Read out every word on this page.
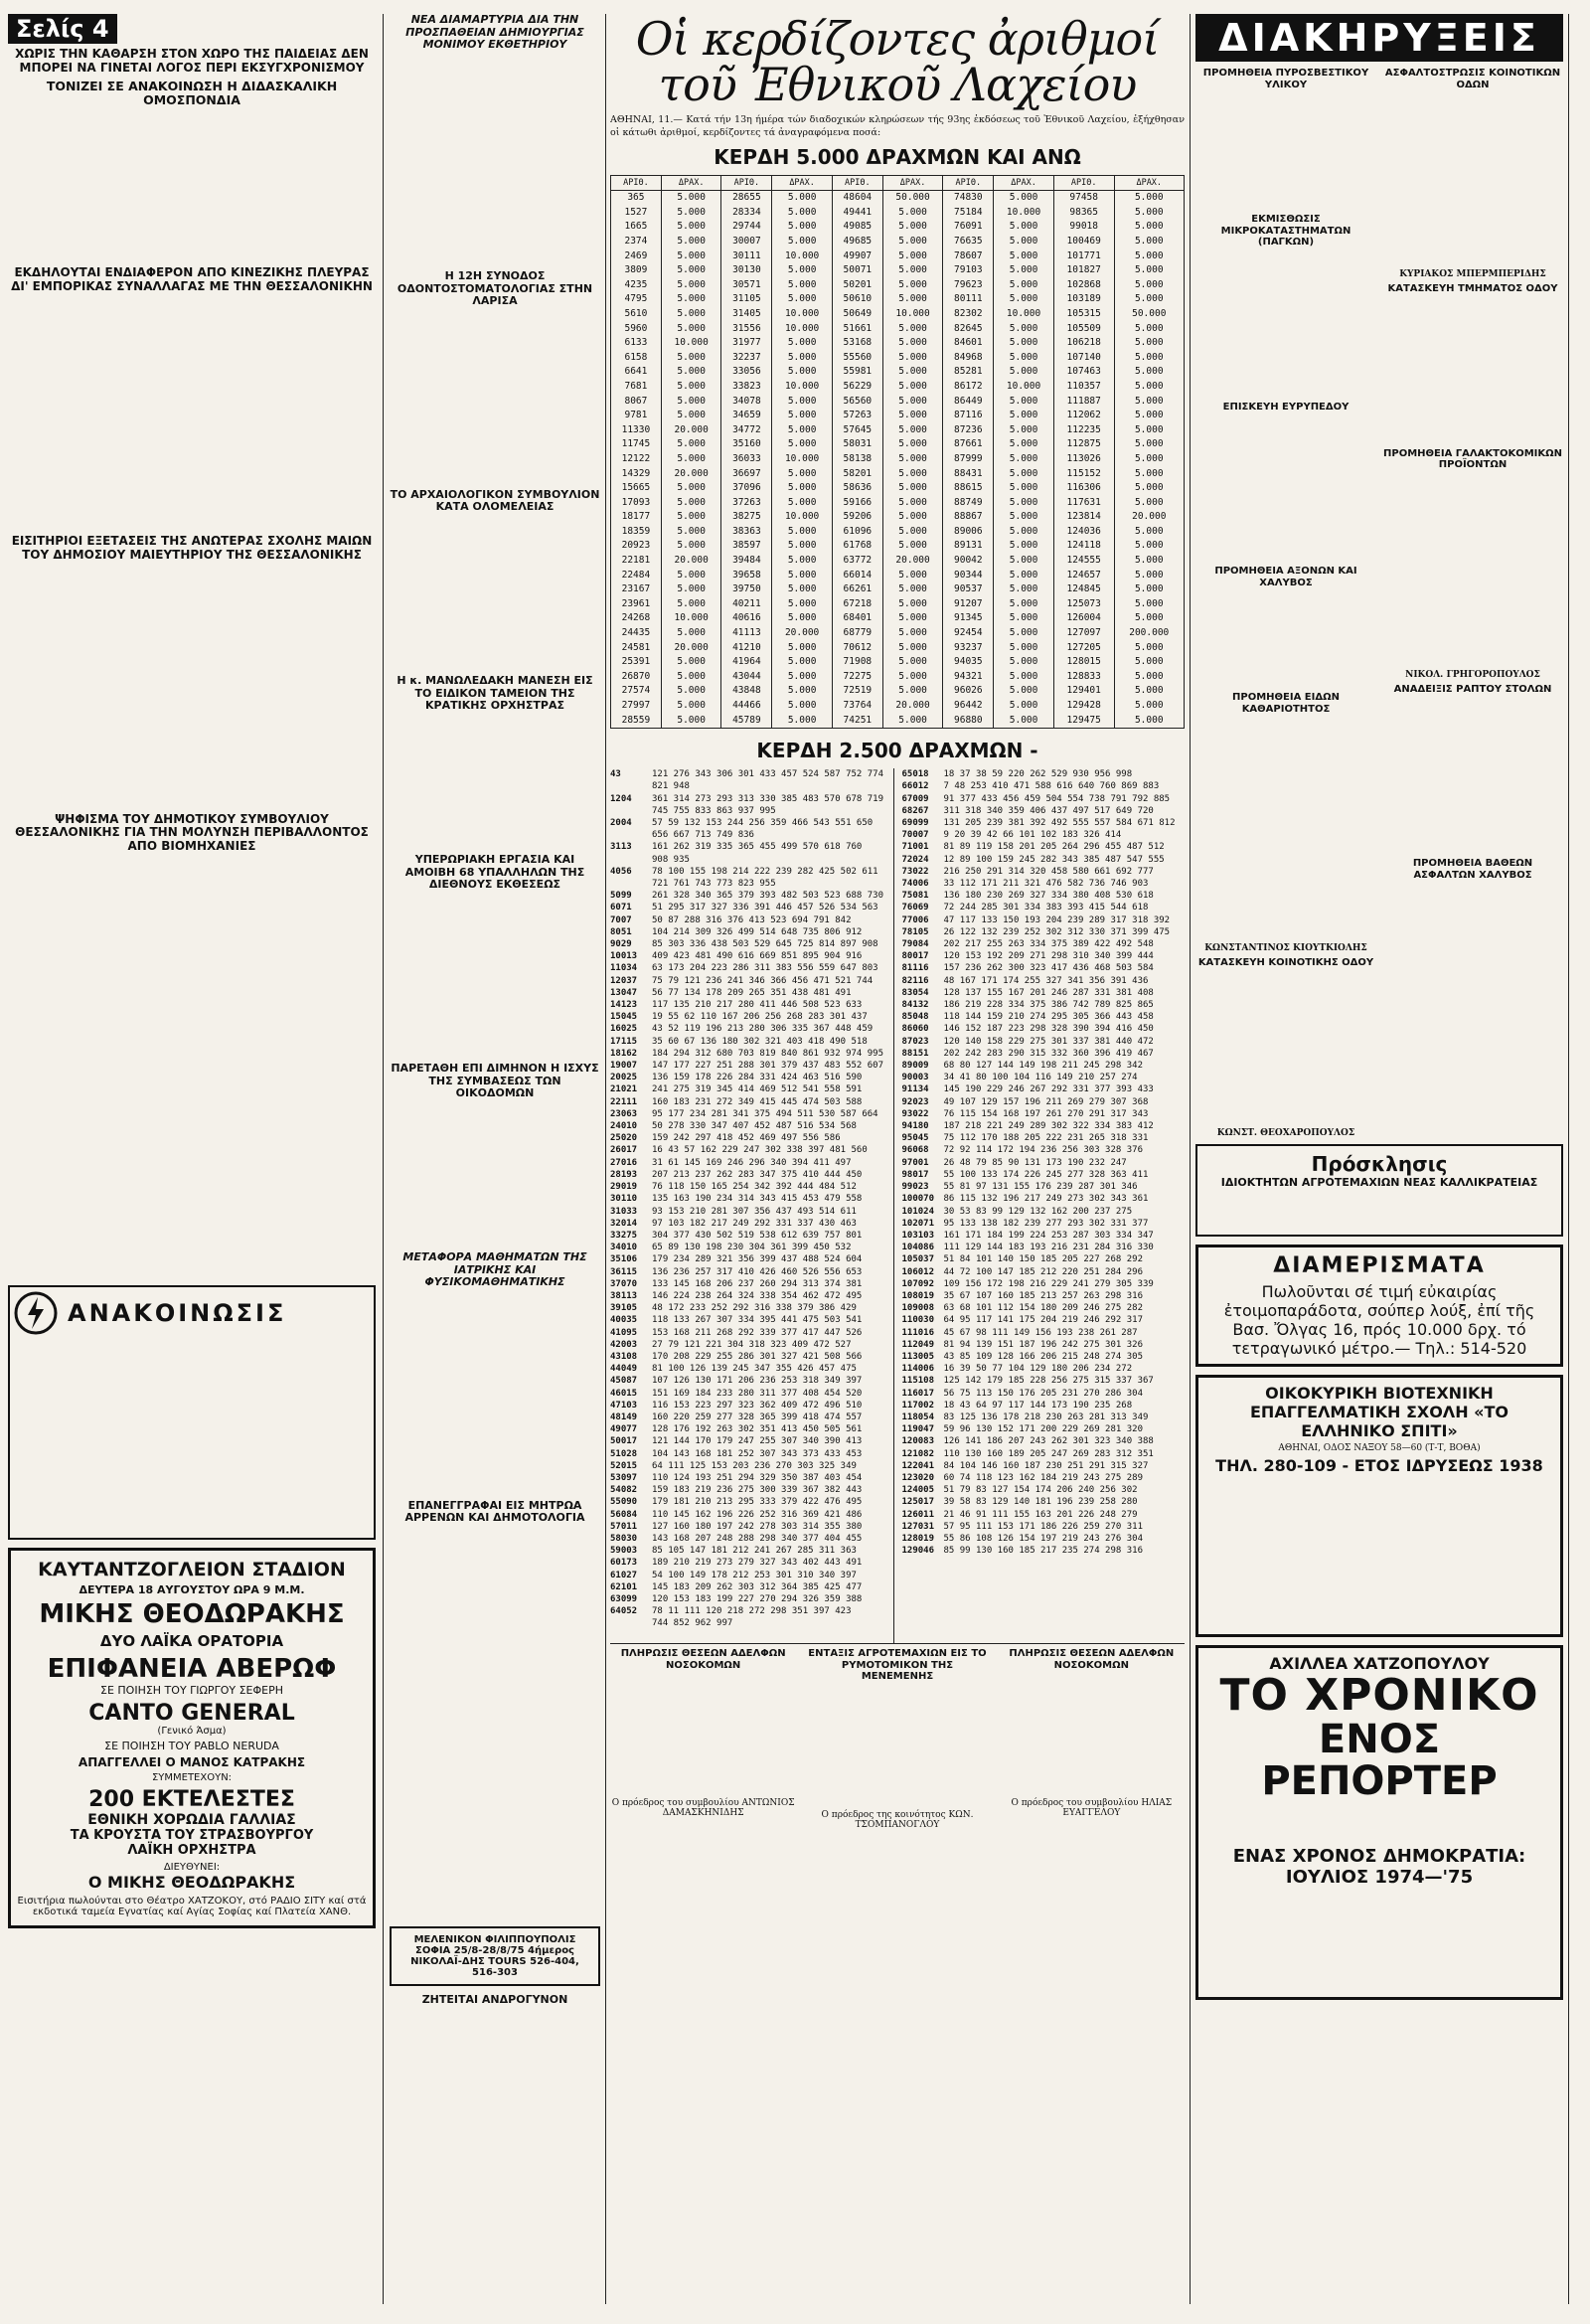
Σελίς 4
ΧΩΡΙΣ ΤΗΝ ΚΑΘΑΡΣΗ ΣΤΟΝ ΧΩΡΟ ΤΗΣ ΠΑΙΔΕΙΑΣ ΔΕΝ ΜΠΟΡΕΙ ΝΑ ΓΙΝΕΤΑΙ ΛΟΓΟΣ ΠΕΡΙ ΕΚΣΥΓΧΡΟΝΙΣΜΟΥ
ΤΟΝΙΖΕΙ ΣΕ ΑΝΑΚΟΙΝΩΣΗ Η ΔΙΔΑΣΚΑΛΙΚΗ ΟΜΟΣΠΟΝΔΙΑ
ΕΚΔΗΛΟΥΤΑΙ ΕΝΔΙΑΦΕΡΟΝ ΑΠΟ ΚΙΝΕΖΙΚΗΣ ΠΛΕΥΡΑΣ ΔΙ' ΕΜΠΟΡΙΚΑΣ ΣΥΝΑΛΛΑΓΑΣ ΜΕ ΤΗΝ ΘΕΣΣΑΛΟΝΙΚΗΝ
ΕΙΣΙΤΗΡΙΟΙ ΕΞΕΤΑΣΕΙΣ ΤΗΣ ΑΝΩΤΕΡΑΣ ΣΧΟΛΗΣ ΜΑΙΩΝ ΤΟΥ ΔΗΜΟΣΙΟΥ ΜΑΙΕΥΤΗΡΙΟΥ ΤΗΣ ΘΕΣΣΑΛΟΝΙΚΗΣ
ΨΗΦΙΣΜΑ ΤΟΥ ΔΗΜΟΤΙΚΟΥ ΣΥΜΒΟΥΛΙΟΥ ΘΕΣΣΑΛΟΝΙΚΗΣ ΓΙΑ ΤΗΝ ΜΟΛΥΝΣΗ ΠΕΡΙΒΑΛΛΟΝΤΟΣ ΑΠΟ ΒΙΟΜΗΧΑΝΙΕΣ
ΑΝΑΚΟΙΝΩΣΙΣ
ΚΑΥΤΑΝΤΖΟΓΛΕΙΟΝ ΣΤΑΔΙΟΝ
ΔΕΥΤΕΡΑ 18 ΑΥΓΟΥΣΤΟΥ ΩΡΑ 9 Μ.Μ.
ΜΙΚΗΣ ΘΕΟΔΩΡΑΚΗΣ
ΔΥΟ ΛΑΪΚΑ ΟΡΑΤΟΡΙΑ
ΕΠΙΦΑΝΕΙΑ ΑΒΕΡΩΦ
ΣΕ ΠΟΙΗΣΗ ΤΟΥ ΓΙΩΡΓΟΥ ΣΕΦΕΡΗ
CANTO GENERAL
(Γενικό Άσμα)
ΣΕ ΠΟΙΗΣΗ ΤΟΥ PABLO NERUDA
ΑΠΑΓΓΕΛΛΕΙ Ο ΜΑΝΟΣ ΚΑΤΡΑΚΗΣ
ΣΥΜΜΕΤΕΧΟΥΝ:
200 ΕΚΤΕΛΕΣΤΕΣ
ΕΘΝΙΚΗ ΧΟΡΩΔΙΑ ΓΑΛΛΙΑΣ
ΤΑ ΚΡΟΥΣΤΑ ΤΟΥ ΣΤΡΑΣΒΟΥΡΓΟΥ
ΛΑΪΚΗ ΟΡΧΗΣΤΡΑ
ΔΙΕΥΘΥΝΕΙ:
Ο ΜΙΚΗΣ ΘΕΟΔΩΡΑΚΗΣ
Εισιτήρια πωλούνται στο Θέατρο ΧΑΤΖΟΚΟΥ, στό ΡΑΔΙΟ ΣΙΤΥ καί στά εκδοτικά ταμεία Εγνατίας καί Αγίας Σοφίας καί Πλατεία ΧΑΝΘ.
ΝΕΑ ΔΙΑΜΑΡΤΥΡΙΑ ΔΙΑ ΤΗΝ ΠΡΟΣΠΑΘΕΙΑΝ ΔΗΜΙΟΥΡΓΙΑΣ ΜΟΝΙΜΟΥ ΕΚΘΕΤΗΡΙΟΥ
Η 12Η ΣΥΝΟΔΟΣ ΟΔΟΝΤΟΣΤΟΜΑΤΟΛΟΓΙΑΣ ΣΤΗΝ ΛΑΡΙΣΑ
ΤΟ ΑΡΧΑΙΟΛΟΓΙΚΟΝ ΣΥΜΒΟΥΛΙΟΝ ΚΑΤΑ ΟΛΟΜΕΛΕΙΑΣ
Η κ. ΜΑΝΩΛΕΔΑΚΗ ΜΑΝΕΣΗ ΕΙΣ ΤΟ ΕΙΔΙΚΟΝ ΤΑΜΕΙΟΝ ΤΗΣ ΚΡΑΤΙΚΗΣ ΟΡΧΗΣΤΡΑΣ
ΥΠΕΡΩΡΙΑΚΗ ΕΡΓΑΣΙΑ ΚΑΙ ΑΜΟΙΒΗ 68 ΥΠΑΛΛΗΛΩΝ ΤΗΣ ΔΙΕΘΝΟΥΣ ΕΚΘΕΣΕΩΣ
ΠΑΡΕΤΑΘΗ ΕΠΙ ΔΙΜΗΝΟΝ Η ΙΣΧΥΣ ΤΗΣ ΣΥΜΒΑΣΕΩΣ ΤΩΝ ΟΙΚΟΔΟΜΩΝ
ΜΕΤΑΦΟΡΑ ΜΑΘΗΜΑΤΩΝ ΤΗΣ ΙΑΤΡΙΚΗΣ ΚΑΙ ΦΥΣΙΚΟΜΑΘΗΜΑΤΙΚΗΣ
ΕΠΑΝΕΓΓΡΑΦΑΙ ΕΙΣ ΜΗΤΡΩΑ ΑΡΡΕΝΩΝ ΚΑΙ ΔΗΜΟΤΟΛΟΓΙΑ
ΜΕΛΕΝΙΚΟΝ ΦΙΛΙΠΠΟΥΠΟΛΙΣ ΣΟΦΙΑ 25/8-28/8/75 4ήμερος ΝΙΚΟΛΑΪ-ΔΗΣ TOURS 526-404, 516-303
ΖΗΤΕΙΤΑΙ ΑΝΔΡΟΓΥΝΟΝ
Οἱ κερδίζοντες ἀριθμοί τοῦ Ἐθνικοῦ Λαχείου

ΑΘΗΝΑΙ, 11.— Κατά τήν 13η ήμέρα τών διαδοχικών κληρώσεων τής 93ης ἐκδόσεως τοῦ Ἐθνικοῦ Λαχείου, ἐξήχθησαν οἱ κάτωθι ἀριθμοί, κερδίζοντες τά ἀναγραφόμενα ποσά:

ΚΕΡΔΗ 5.000 ΔΡΑΧΜΩΝ ΚΑΙ ΑΝΩ
ΑΡΙΘ.	ΔΡΑΧ.	ΑΡΙΘ.	ΔΡΑΧ.	ΑΡΙΘ.	ΔΡΑΧ.	ΑΡΙΘ.	ΔΡΑΧ.	ΑΡΙΘ.	ΔΡΑΧ.
365	5.000	28655	5.000	48604	50.000	74830	5.000	97458	5.000
1527	5.000	28334	5.000	49441	5.000	75184	10.000	98365	5.000
1665	5.000	29744	5.000	49085	5.000	76091	5.000	99018	5.000
2374	5.000	30007	5.000	49685	5.000	76635	5.000	100469	5.000
2469	5.000	30111	10.000	49907	5.000	78607	5.000	101771	5.000
3809	5.000	30130	5.000	50071	5.000	79103	5.000	101827	5.000
4235	5.000	30571	5.000	50201	5.000	79623	5.000	102868	5.000
4795	5.000	31105	5.000	50610	5.000	80111	5.000	103189	5.000
5610	5.000	31405	10.000	50649	10.000	82302	10.000	105315	50.000
5960	5.000	31556	10.000	51661	5.000	82645	5.000	105509	5.000
6133	10.000	31977	5.000	53168	5.000	84601	5.000	106218	5.000
6158	5.000	32237	5.000	55560	5.000	84968	5.000	107140	5.000
6641	5.000	33056	5.000	55981	5.000	85281	5.000	107463	5.000
7681	5.000	33823	10.000	56229	5.000	86172	10.000	110357	5.000
8067	5.000	34078	5.000	56560	5.000	86449	5.000	111887	5.000
9781	5.000	34659	5.000	57263	5.000	87116	5.000	112062	5.000
11330	20.000	34772	5.000	57645	5.000	87236	5.000	112235	5.000
11745	5.000	35160	5.000	58031	5.000	87661	5.000	112875	5.000
12122	5.000	36033	10.000	58138	5.000	87999	5.000	113026	5.000
14329	20.000	36697	5.000	58201	5.000	88431	5.000	115152	5.000
15665	5.000	37096	5.000	58636	5.000	88615	5.000	116306	5.000
17093	5.000	37263	5.000	59166	5.000	88749	5.000	117631	5.000
18177	5.000	38275	10.000	59206	5.000	88867	5.000	123814	20.000
18359	5.000	38363	5.000	61096	5.000	89006	5.000	124036	5.000
20923	5.000	38597	5.000	61768	5.000	89131	5.000	124118	5.000
22181	20.000	39484	5.000	63772	20.000	90042	5.000	124555	5.000
22484	5.000	39658	5.000	66014	5.000	90344	5.000	124657	5.000
23167	5.000	39750	5.000	66261	5.000	90537	5.000	124845	5.000
23961	5.000	40211	5.000	67218	5.000	91207	5.000	125073	5.000
24268	10.000	40616	5.000	68401	5.000	91345	5.000	126004	5.000
24435	5.000	41113	20.000	68779	5.000	92454	5.000	127097	200.000
24581	20.000	41210	5.000	70612	5.000	93237	5.000	127205	5.000
25391	5.000	41964	5.000	71908	5.000	94035	5.000	128015	5.000
26870	5.000	43044	5.000	72275	5.000	94321	5.000	128833	5.000
27574	5.000	43848	5.000	72519	5.000	96026	5.000	129401	5.000
27997	5.000	44466	5.000	73764	20.000	96442	5.000	129428	5.000
28559	5.000	45789	5.000	74251	5.000	96880	5.000	129475	5.000
ΚΕΡΔΗ 2.500 ΔΡΑΧΜΩΝ -
43	121 276 343 306 301 433 457 524 587 752 774
821 948
1204 361 314 273 293 313 330 385 483 570 678 719
745 755 833 863 937 995
2004 57 59 132 153 244 256 359 466 543 551 650
656 667 713 749 836
3113 161 262 319 335 365 455 499 570 618 760
908 935
4056 78 100 155 198 214 222 239 282 425 502 611
721 761 743 773 823 955
5099 261 328 340 365 379 393 482 503 523 688 730
6071 51 295 317 327 336 391 446 457 526 534 563
7007 50 87 288 316 376 413 523 694 791 842
8051 104 214 309 326 499 514 648 735 806 912
9029 85 303 336 438 503 529 645 725 814 897 908
10013 409 423 481 490 616 669 851 895 904 916
11034 63 173 204 223 286 311 383 556 559 647 803
12037 75 79 121 236 241 346 366 456 471 521 744
13047 56 77 134 178 209 265 351 438 481 491
14123 117 135 210 217 280 411 446 508 523 633
15045 19 55 62 110 167 206 256 268 283 301 437
16025 43 52 119 196 213 280 306 335 367 448 459
17115 35 60 67 136 180 302 321 403 418 490 518
18162 184 294 312 680 703 819 840 861 932 974 995
19007 147 177 227 251 288 301 379 437 483 552 607
20025 136 159 178 226 284 331 424 463 516 590
21021 241 275 319 345 414 469 512 541 558 591
22111 160 183 231 272 349 415 445 474 503 588
23063 95 177 234 281 341 375 494 511 530 587 664
24010 50 278 330 347 407 452 487 516 534 568
25020 159 242 297 418 452 469 497 556 586
26017 16 43 57 162 229 247 302 338 397 481 560
27016 31 61 145 169 246 296 340 394 411 497
28193 207 213 237 262 283 347 375 410 444 450
29019 76 118 150 165 254 342 392 444 484 512
30110 135 163 190 234 314 343 415 453 479 558
31033 93 153 210 281 307 356 437 493 514 611
32014 97 103 182 217 249 292 331 337 430 463
33275 304 377 430 502 519 538 612 639 757 801
34010 65 89 130 198 230 304 361 399 450 532
35106 179 234 289 321 356 399 437 488 524 604
36115 136 236 257 317 410 426 460 526 556 653
37070 133 145 168 206 237 260 294 313 374 381
38113 146 224 238 264 324 338 354 462 472 495
39105 48 172 233 252 292 316 338 379 386 429
40035 118 133 267 307 334 395 441 475 503 541
41095 153 168 211 268 292 339 377 417 447 526
42003 27 79 121 221 304 318 323 409 472 527
43108 170 208 229 255 286 301 327 421 508 566
44049 81 100 126 139 245 347 355 426 457 475
45087 107 126 130 171 206 236 253 318 349 397
46015 151 169 184 233 280 311 377 408 454 520
47103 116 153 223 297 323 362 409 472 496 510
48149 160 220 259 277 328 365 399 418 474 557
49077 128 176 192 263 302 351 413 450 505 561
50017 121 144 170 179 247 255 307 340 390 413
51028 104 143 168 181 252 307 343 373 433 453
52015 64 111 125 153 203 236 270 303 325 349
53097 110 124 193 251 294 329 350 387 403 454
54082 159 183 219 236 275 300 339 367 382 443
55090 179 181 210 213 295 333 379 422 476 495
56084 110 145 162 196 226 252 316 369 421 486
57011 127 160 180 197 242 278 303 314 355 380
58030 143 168 207 248 288 298 340 377 404 455
59003 85 105 147 181 212 241 267 285 311 363
60173 189 210 219 273 279 327 343 402 443 491
61027 54 100 149 178 212 253 301 310 340 397
62101 145 183 209 262 303 312 364 385 425 477
63099 120 153 183 199 227 270 294 326 359 388
64052 78 11 111 120 218 272 298 351 397 423
744 852 962 997
65018 18 37 38 59 220 262 529 930 956 998
66012 7 48 253 410 471 588 616 640 760 869 883
67009 91 377 433 456 459 504 554 738 791 792 885
68267 311 318 340 359 406 437 497 517 649 720
69099 131 205 239 381 392 492 555 557 584 671 812
70007 9 20 39 42 66 101 102 183 326 414
71001 81 89 119 158 201 205 264 296 455 487 512
72024 12 89 100 159 245 282 343 385 487 547 555
73022 216 250 291 314 320 458 580 661 692 777
74006 33 112 171 211 321 476 582 736 746 903
75081 136 180 230 269 327 334 380 408 530 618
76069 72 244 285 301 334 383 393 415 544 618
77006 47 117 133 150 193 204 239 289 317 318 392
78105 26 122 132 239 252 302 312 330 371 399 475
79084 202 217 255 263 334 375 389 422 492 548
80017 120 153 192 209 271 298 310 340 399 444
81116 157 236 262 300 323 417 436 468 503 584
82116 48 167 171 174 255 327 341 356 391 436
83054 128 137 155 167 201 246 287 331 381 408
84132 186 219 228 334 375 386 742 789 825 865
85048 118 144 159 210 274 295 305 366 443 458
86060 146 152 187 223 298 328 390 394 416 450
87023 120 140 158 229 275 301 337 381 440 472
88151 202 242 283 290 315 332 360 396 419 467
89009 68 80 127 144 149 198 211 245 298 342
90003 34 41 80 100 104 116 149 210 257 274
91134 145 190 229 246 267 292 331 377 393 433
92023 49 107 129 157 196 211 269 279 307 368
93022 76 115 154 168 197 261 270 291 317 343
94180 187 218 221 249 289 302 322 334 383 412
95045 75 112 170 188 205 222 231 265 318 331
96068 72 92 114 172 194 236 256 303 328 376
97001 26 48 79 85 90 131 173 190 232 247
98017 55 100 133 174 226 245 277 328 363 411
99023 55 81 97 131 155 176 239 287 301 346
100070 86 115 132 196 217 249 273 302 343 361
101024 30 53 83 99 129 132 162 200 237 275
102071 95 133 138 182 239 277 293 302 331 377
103103 161 171 184 199 224 253 287 303 334 347
104086 111 129 144 183 193 216 231 284 316 330
105037 51 84 101 140 150 185 205 227 268 292
106012 44 72 100 147 185 212 220 251 284 296
107092 109 156 172 198 216 229 241 279 305 339
108019 35 67 107 160 185 213 257 263 298 316
109008 63 68 101 112 154 180 209 246 275 282
110030 64 95 117 141 175 204 219 246 292 317
111016 45 67 98 111 149 156 193 238 261 287
112049 81 94 139 151 187 196 242 275 301 326
113005 43 85 109 128 166 206 215 248 274 305
114006 16 39 50 77 104 129 180 206 234 272
115108 125 142 179 185 228 256 275 315 337 367
116017 56 75 113 150 176 205 231 270 286 304
117002 18 43 64 97 117 144 173 190 235 268
118054 83 125 136 178 218 230 263 281 313 349
119047 59 96 130 152 171 200 229 269 281 320
120083 126 141 186 207 243 262 301 323 340 388
121082 110 130 160 189 205 247 269 283 312 351
122041 84 104 146 160 187 230 251 291 315 327
123020 60 74 118 123 162 184 219 243 275 289
124005 51 79 83 127 154 174 206 240 256 302
125017 39 58 83 129 140 181 196 239 258 280
126011 21 46 91 111 155 163 201 226 248 279
127031 57 95 111 153 171 186 226 259 270 311
128019 55 86 108 126 154 197 219 243 276 304
129046 85 99 130 160 185 217 235 274 298 316
ΠΛΗΡΩΣΙΣ ΘΕΣΕΩΝ ΑΔΕΛΦΩΝ ΝΟΣΟΚΟΜΩΝ
Ο πρόεδρος του συμβουλίου ΑΝΤΩΝΙΟΣ ΔΑΜΑΣΚΗΝΙΔΗΣ
ΕΝΤΑΞΙΣ ΑΓΡΟΤΕΜΑΧΙΩΝ ΕΙΣ ΤΟ ΡΥΜΟΤΟΜΙΚΟΝ ΤΗΣ ΜΕΝΕΜΕΝΗΣ
Ο πρόεδρος της κοινότητος ΚΩΝ. ΤΣΟΜΠΑΝΟΓΛΟΥ
ΠΛΗΡΩΣΙΣ ΘΕΣΕΩΝ ΑΔΕΛΦΩΝ ΝΟΣΟΚΟΜΩΝ
Ο πρόεδρος του συμβουλίου ΗΛΙΑΣ ΕΥΑΓΓΕΛΟΥ
ΔΙΑΚΗΡΥΞΕΙΣ
ΠΡΟΜΗΘΕΙΑ ΠΥΡΟΣΒΕΣΤΙΚΟΥ ΥΛΙΚΟΥ
ΕΚΜΙΣΘΩΣΙΣ ΜΙΚΡΟΚΑΤΑΣΤΗΜΑΤΩΝ (ΠΑΓΚΩΝ)
ΕΠΙΣΚΕΥΗ ΕΥΡΥΠΕΔΟΥ
ΠΡΟΜΗΘΕΙΑ ΑΞΟΝΩΝ ΚΑΙ ΧΑΛΥΒΟΣ
ΠΡΟΜΗΘΕΙΑ ΕΙΔΩΝ ΚΑΘΑΡΙΟΤΗΤΟΣ
ΚΩΝΣΤΑΝΤΙΝΟΣ ΚΙΟΥΤΚΙΟΛΗΣ
ΚΑΤΑΣΚΕΥΗ ΚΟΙΝΟΤΙΚΗΣ ΟΔΟΥ
ΚΩΝΣΤ. ΘΕΟΧΑΡΟΠΟΥΛΟΣ
ΑΣΦΑΛΤΟΣΤΡΩΣΙΣ ΚΟΙΝΟΤΙΚΩΝ ΟΔΩΝ
ΚΥΡΙΑΚΟΣ ΜΠΕΡΜΠΕΡΙΔΗΣ
ΚΑΤΑΣΚΕΥΗ ΤΜΗΜΑΤΟΣ ΟΔΟΥ
ΠΡΟΜΗΘΕΙΑ ΓΑΛΑΚΤΟΚΟΜΙΚΩΝ ΠΡΟΪΟΝΤΩΝ
ΝΙΚΟΛ. ΓΡΗΓΟΡΟΠΟΥΛΟΣ
ΑΝΑΔΕΙΞΙΣ ΡΑΠΤΟΥ ΣΤΟΛΩΝ
ΠΡΟΜΗΘΕΙΑ ΒΑΘΕΩΝ ΑΣΦΑΛΤΩΝ ΧΑΛΥΒΟΣ
Πρόσκλησις
ΙΔΙΟΚΤΗΤΩΝ ΑΓΡΟΤΕΜΑΧΙΩΝ ΝΕΑΣ ΚΑΛΛΙΚΡΑΤΕΙΑΣ
ΔΙΑΜΕΡΙΣΜΑΤΑ
Πωλοῦνται σέ τιμή εὐκαιρίας ἐτοιμοπαράδοτα, σούπερ λούξ, ἐπί τῆς Βασ. Ὄλγας 16, πρός 10.000 δρχ. τό τετραγωνικό μέτρο.— Τηλ.: 514-520
ΟΙΚΟΚΥΡΙΚΗ ΒΙΟΤΕΧΝΙΚΗ ΕΠΑΓΓΕΛΜΑΤΙΚΗ ΣΧΟΛΗ «ΤΟ ΕΛΛΗΝΙΚΟ ΣΠΙΤΙ»
ΑΘΗΝΑΙ, ΟΔΟΣ ΝΑΞΟΥ 58—60 (Τ-Τ, ΒΟΘΑ)
ΤΗΛ. 280-109 - ΕΤΟΣ ΙΔΡΥΣΕΩΣ 1938
ΑΧΙΛΛΕΑ ΧΑΤΖΟΠΟΥΛΟΥ
ΤΟ ΧΡΟΝΙΚΟ
ΕΝΟΣ ΡΕΠΟΡΤΕΡ
ΕΝΑΣ ΧΡΟΝΟΣ ΔΗΜΟΚΡΑΤΙΑ: ΙΟΥΛΙΟΣ 1974—'75
